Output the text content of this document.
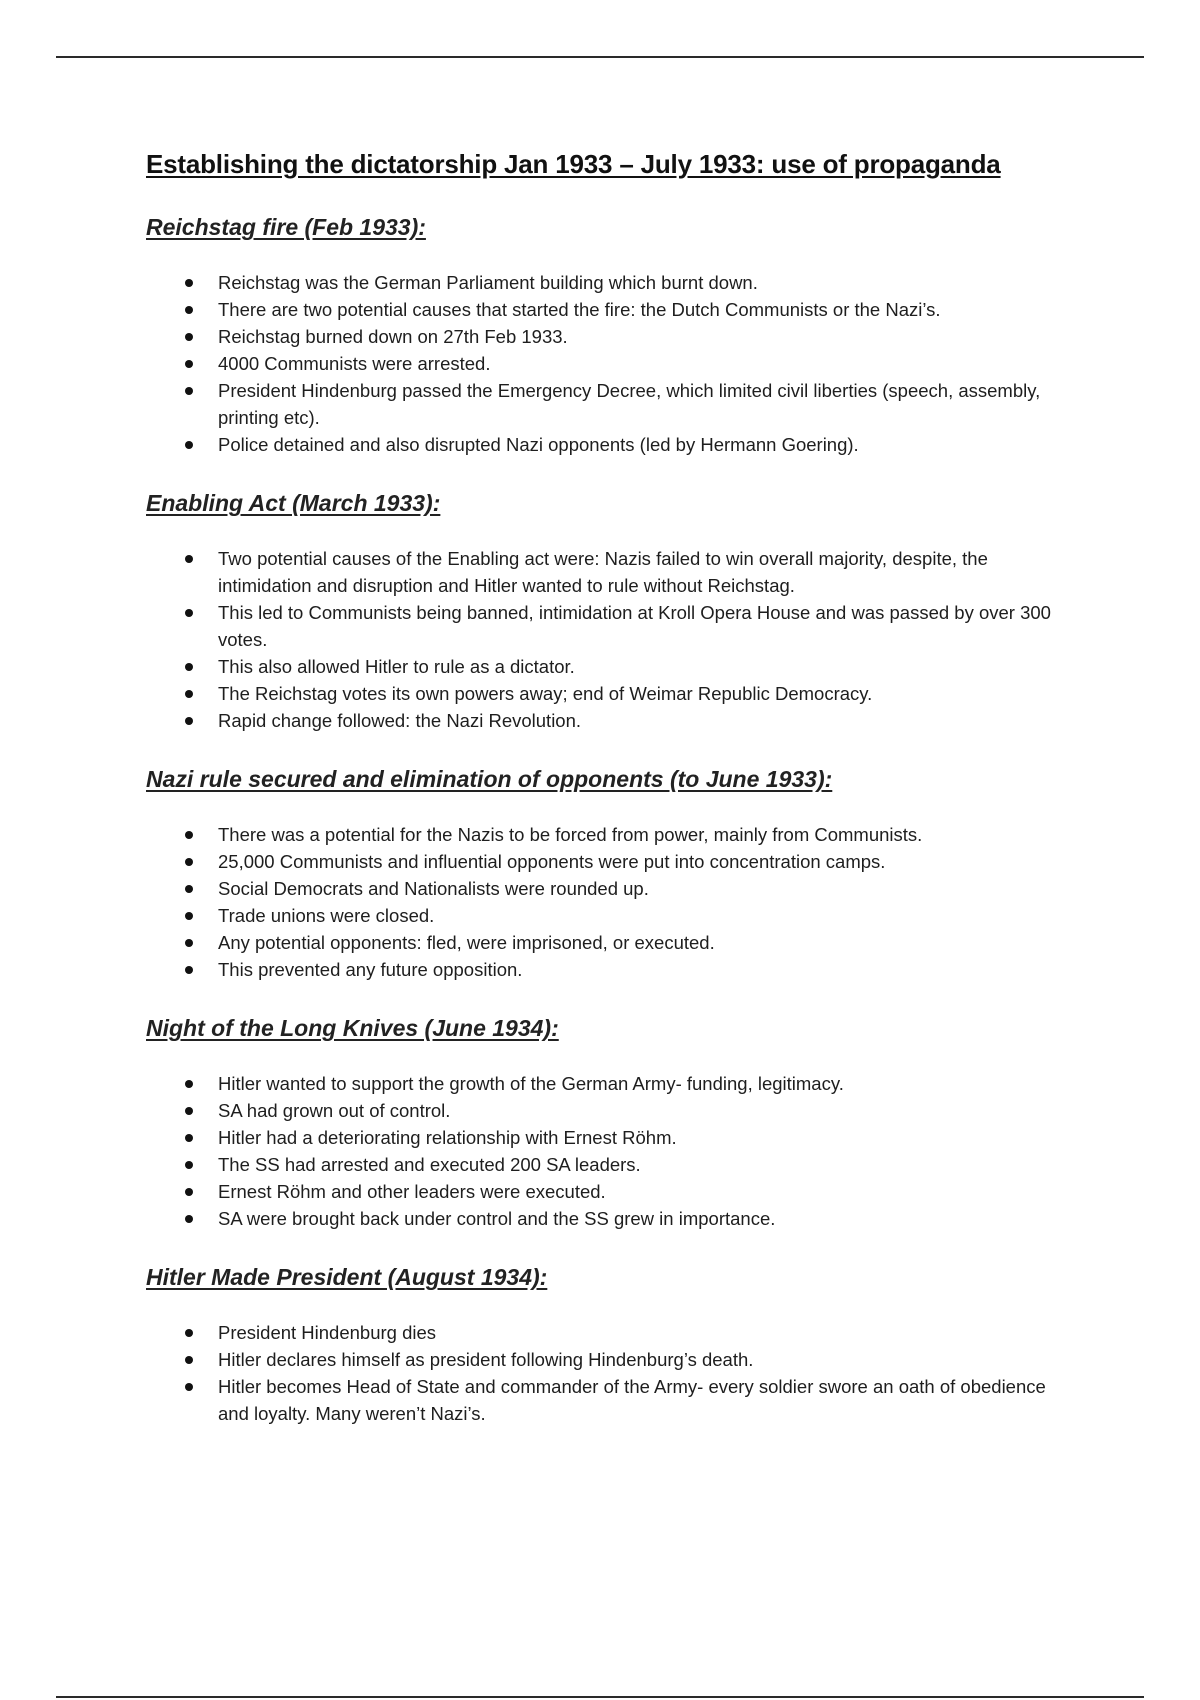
Establishing the dictatorship Jan 1933 – July 1933: use of propaganda
Reichstag fire (Feb 1933):
Reichstag was the German Parliament building which burnt down.
There are two potential causes that started the fire: the Dutch Communists or the Nazi’s.
Reichstag burned down on 27th Feb 1933.
4000 Communists were arrested.
President Hindenburg passed the Emergency Decree, which limited civil liberties (speech, assembly, printing etc).
Police detained and also disrupted Nazi opponents (led by Hermann Goering).
Enabling Act (March 1933):
Two potential causes of the Enabling act were: Nazis failed to win overall majority, despite, the intimidation and disruption and Hitler wanted to rule without Reichstag.
This led to Communists being banned, intimidation at Kroll Opera House and was passed by over 300 votes.
This also allowed Hitler to rule as a dictator.
The Reichstag votes its own powers away; end of Weimar Republic Democracy.
Rapid change followed: the Nazi Revolution.
Nazi rule secured and elimination of opponents (to June 1933):
There was a potential for the Nazis to be forced from power, mainly from Communists.
25,000 Communists and influential opponents were put into concentration camps.
Social Democrats and Nationalists were rounded up.
Trade unions were closed.
Any potential opponents: fled, were imprisoned, or executed.
This prevented any future opposition.
Night of the Long Knives (June 1934):
Hitler wanted to support the growth of the German Army- funding, legitimacy.
SA had grown out of control.
Hitler had a deteriorating relationship with Ernest Röhm.
The SS had arrested and executed 200 SA leaders.
Ernest Röhm and other leaders were executed.
SA were brought back under control and the SS grew in importance.
Hitler Made President (August 1934):
President Hindenburg dies
Hitler declares himself as president following Hindenburg’s death.
Hitler becomes Head of State and commander of the Army- every soldier swore an oath of obedience and loyalty. Many weren’t Nazi’s.
